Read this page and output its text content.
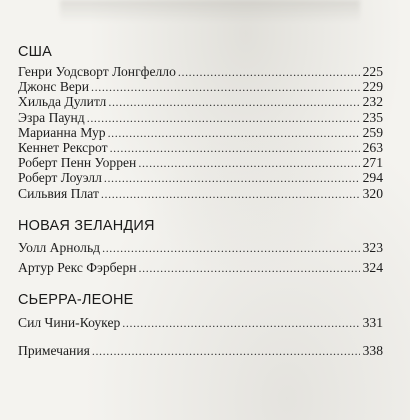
США
Генри Уодсворт Лонгфелло .....	225
Джонс Вери .....	229
Хильда Дулитл .....	232
Эзра Паунд .....	235
Марианна Мур .....	259
Кеннет Рексрот .....	263
Роберт Пенн Уоррен .....	271
Роберт Лоуэлл .....	294
Сильвия Плат .....	320
НОВАЯ ЗЕЛАНДИЯ
Уолл Арнольд .....	323
Артур Рекс Фэрберн .....	324
СЬЕРРА-ЛЕОНЕ
Сил Чини-Коукер .....	331
Примечания .....	338
